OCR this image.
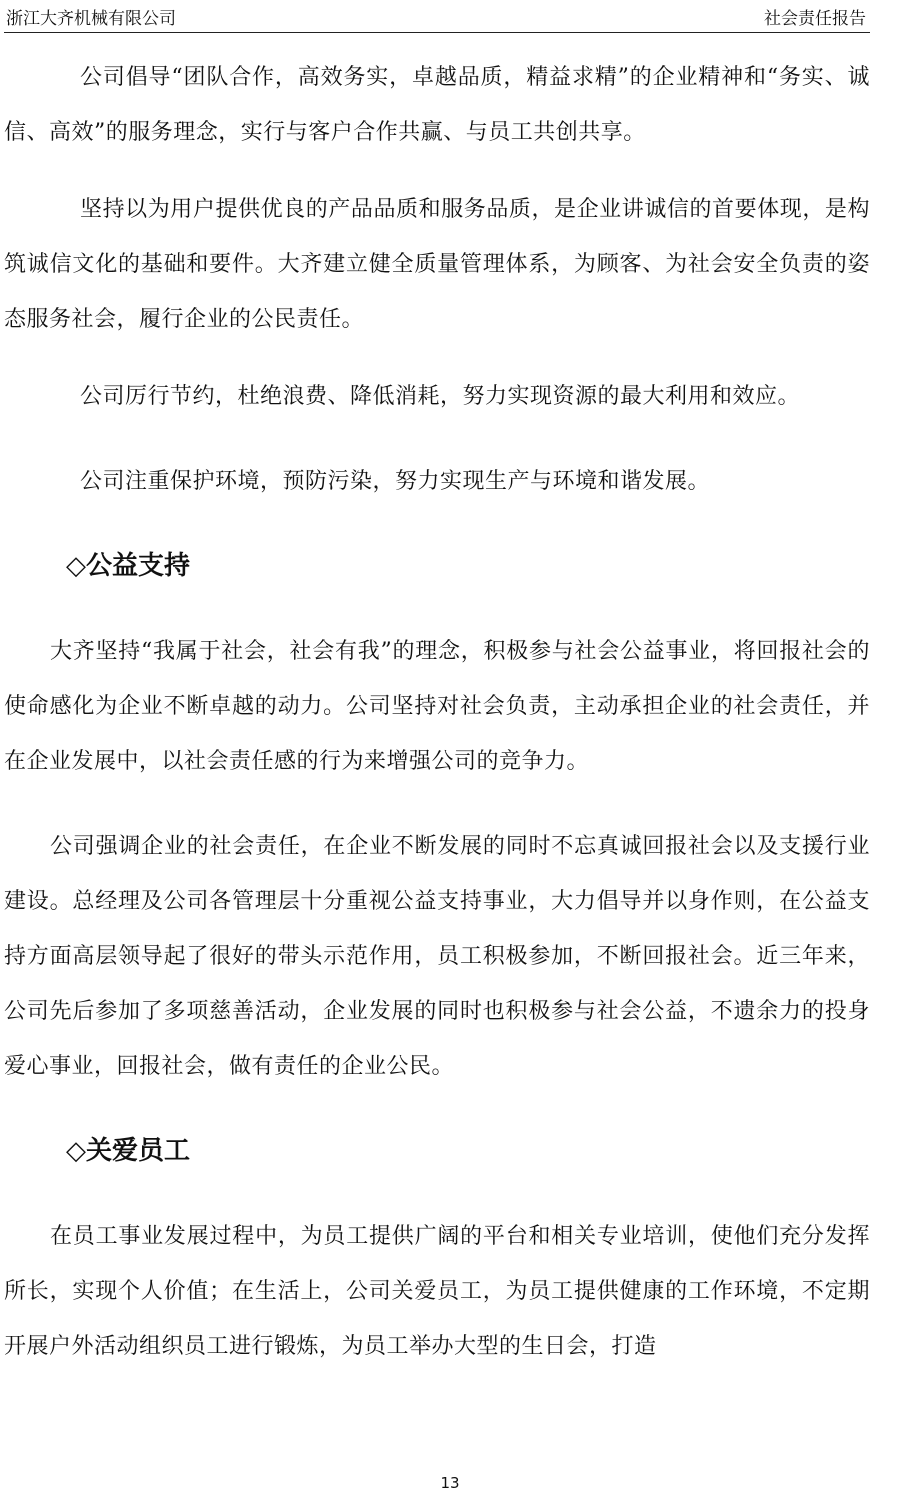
浙江大齐机械有限公司	社会责任报告

公司倡导“团队合作，高效务实，卓越品质，精益求精”的企业精神和“务实、诚信、高效”的服务理念，实行与客户合作共赢、与员工共创共享。

坚持以为用户提供优良的产品品质和服务品质，是企业讲诚信的首要体现，是构筑诚信文化的基础和要件。大齐建立健全质量管理体系，为顾客、为社会安全负责的姿态服务社会，履行企业的公民责任。

公司厉行节约，杜绝浪费、降低消耗，努力实现资源的最大利用和效应。

公司注重保护环境，预防污染，努力实现生产与环境和谐发展。

◇公益支持

大齐坚持“我属于社会，社会有我”的理念，积极参与社会公益事业，将回报社会的使命感化为企业不断卓越的动力。公司坚持对社会负责，主动承担企业的社会责任，并在企业发展中，以社会责任感的行为来增强公司的竞争力。

公司强调企业的社会责任，在企业不断发展的同时不忘真诚回报社会以及支援行业建设。总经理及公司各管理层十分重视公益支持事业，大力倡导并以身作则，在公益支持方面高层领导起了很好的带头示范作用，员工积极参加，不断回报社会。近三年来，公司先后参加了多项慈善活动，企业发展的同时也积极参与社会公益，不遗余力的投身爱心事业，回报社会，做有责任的企业公民。

◇关爱员工

在员工事业发展过程中，为员工提供广阔的平台和相关专业培训，使他们充分发挥所长，实现个人价值；在生活上，公司关爱员工，为员工提供健康的工作环境，不定期开展户外活动组织员工进行锻炼，为员工举办大型的生日会，打造

13
